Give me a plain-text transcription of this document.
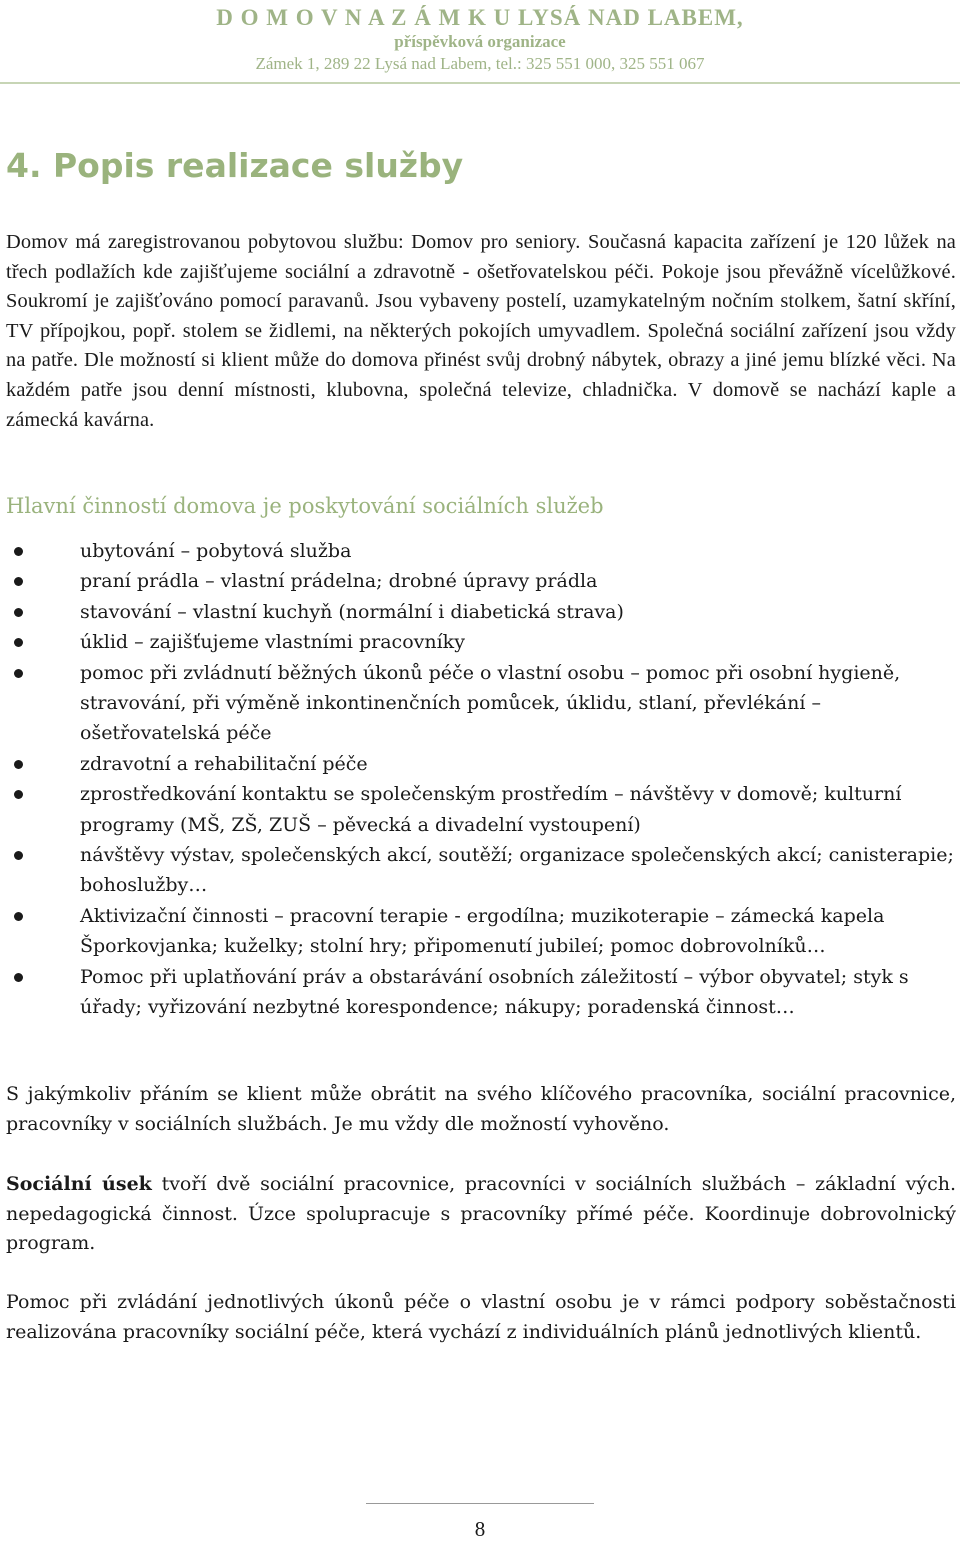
D O M O V N A Z Á M K U LYSÁ NAD LABEM,
příspěvková organizace
Zámek 1, 289 22 Lysá nad Labem, tel.: 325 551 000, 325 551 067
4. Popis realizace služby
Domov má zaregistrovanou pobytovou službu: Domov pro seniory. Současná kapacita zařízení je 120 lůžek na třech podlažích kde zajišťujeme sociální a zdravotně - ošetřovatelskou péči. Pokoje jsou převážně vícelůžkové. Soukromí je zajišťováno pomocí paravanů. Jsou vybaveny postelí, uzamykatelným nočním stolkem, šatní skříní, TV přípojkou, popř. stolem se židlemi, na některých pokojích umyvadlem. Společná sociální zařízení jsou vždy na patře. Dle možností si klient může do domova přinést svůj drobný nábytek, obrazy a jiné jemu blízké věci. Na každém patře jsou denní místnosti, klubovna, společná televize, chladnička. V domově se nachází kaple a zámecká kavárna.
Hlavní činností domova je poskytování sociálních služeb
ubytování – pobytová služba
praní prádla – vlastní prádelna; drobné úpravy prádla
stavování – vlastní kuchyň (normální i diabetická strava)
úklid – zajišťujeme vlastními pracovníky
pomoc při zvládnutí běžných úkonů péče o vlastní osobu – pomoc při osobní hygieně, stravování, při výměně inkontinenčních pomůcek, úklidu, stlaní, převlékání – ošetřovatelská péče
zdravotní a rehabilitační péče
zprostředkování kontaktu se společenským prostředím – návštěvy v domově; kulturní programy (MŠ, ZŠ, ZUŠ – pěvecká a divadelní vystoupení)
návštěvy výstav, společenských akcí, soutěží; organizace společenských akcí; canisterapie; bohoslužby…
Aktivizační činnosti – pracovní terapie - ergodílna; muzikoterapie – zámecká kapela Šporkovjanka; kuželky; stolní hry; připomenutí jubileí; pomoc dobrovolníků…
Pomoc při uplatňování práv a obstarávání osobních záležitostí – výbor obyvatel; styk s úřady; vyřizování nezbytné korespondence; nákupy; poradenská činnost…
S jakýmkoliv přáním se klient může obrátit na svého klíčového pracovníka, sociální pracovnice, pracovníky v sociálních službách. Je mu vždy dle možností vyhověno.
Sociální úsek tvoří dvě sociální pracovnice, pracovníci v sociálních službách – základní vých. nepedagogická činnost. Úzce spolupracuje s pracovníky přímé péče. Koordinuje dobrovolnický program.
Pomoc při zvládání jednotlivých úkonů péče o vlastní osobu je v rámci podpory soběstačnosti realizována pracovníky sociální péče, která vychází z individuálních plánů jednotlivých klientů.
8
